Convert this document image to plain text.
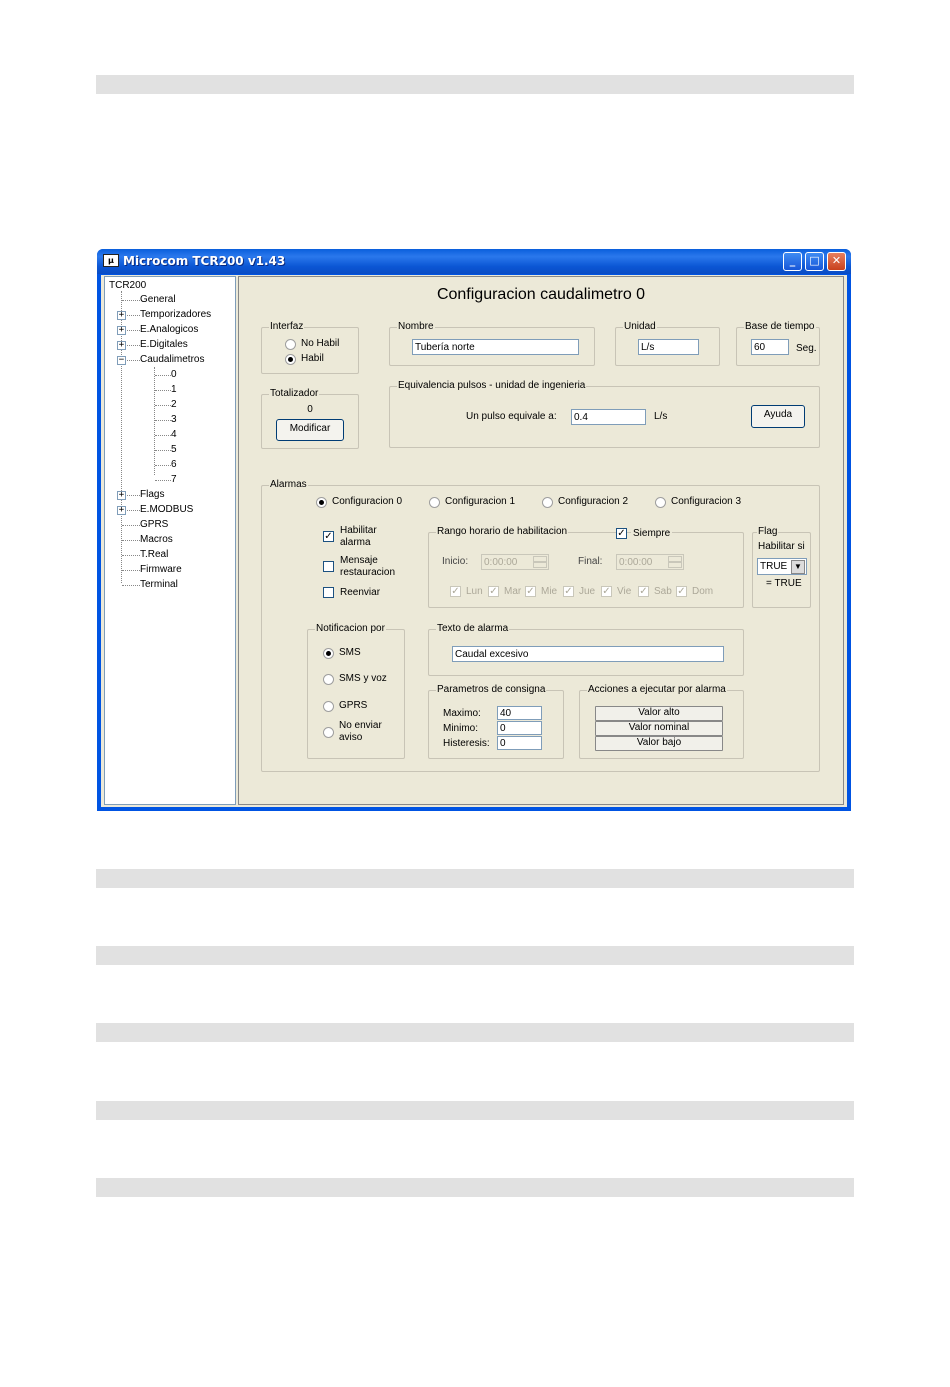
μ Microcom TCR200 v1.43	_	□	✕
TCR200
General
+ Temporizadores
+ E.Analogicos
+ E.Digitales
− Caudalimetros
0
1
2
3
4
5
6
7
+ Flags
+ E.MODBUS
GPRS
Macros
T.Real
Firmware
Terminal
Configuracion caudalimetro 0
Interfaz
No Habil
Habil
Nombre
Tubería norte
Unidad
L/s
Base de tiempo
60	Seg.
Totalizador
0
Modificar
Equivalencia pulsos - unidad de ingenieria
Un pulso equivale a:	0.4	L/s	Ayuda
Alarmas
Configuracion 0	Configuracion 1	Configuracion 2	Configuracion 3
✓
Habilitar
alarma
Mensaje
restauracion
Reenviar
Rango horario de habilitacion	✓ Siempre
Inicio:	0:00:00	Final:	0:00:00
✓ Lun ✓ Mar ✓ Mie ✓ Jue ✓ Vie ✓ Sab ✓ Dom
Flag
Habilitar si
TRUE ▼
= TRUE
Notificacion por
SMS
SMS y voz
GPRS
No enviar
aviso
Texto de alarma
Caudal excesivo
Parametros de consigna
Maximo:	40
Minimo:	0
Histeresis:	0
Acciones a ejecutar por alarma
Valor alto
Valor nominal
Valor bajo
